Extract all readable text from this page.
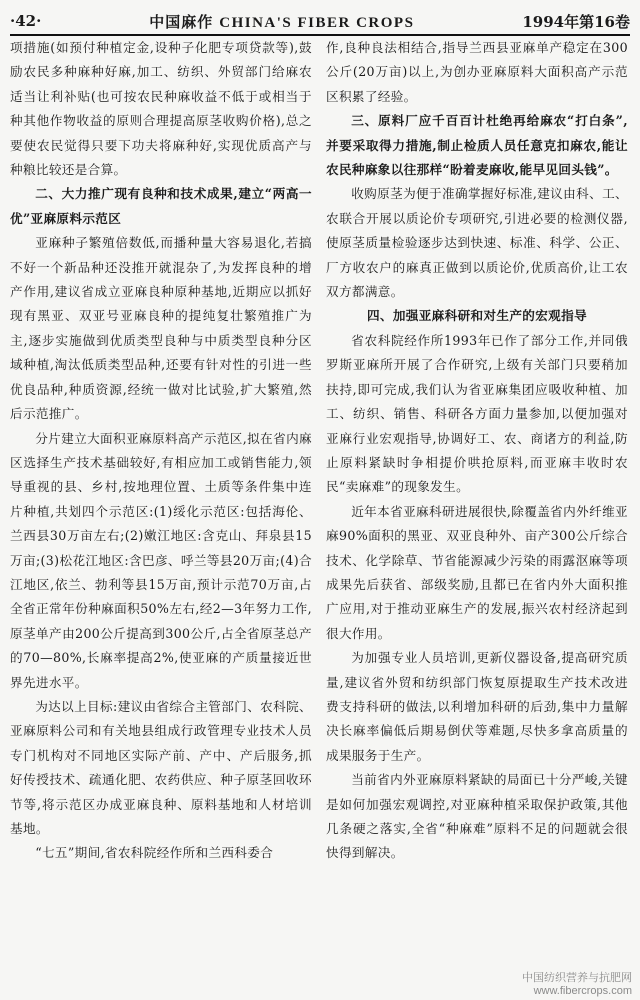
·42·	中国麻作 CHINA'S FIBER CROPS	1994年第16卷

项措施(如预付种植定金,设种子化肥专项贷款等),鼓励农民多种麻种好麻,加工、纺织、外贸部门给麻农适当让利补贴(也可按农民种麻收益不低于或相当于种其他作物收益的原则合理提高原茎收购价格),总之要使农民觉得只要下功夫将麻种好,实现优质高产与种粮比较还是合算。

二、大力推广现有良种和技术成果,建立“两高一优”亚麻原料示范区

亚麻种子繁殖倍数低,而播种量大容易退化,若搞不好一个新品种还没推开就混杂了,为发挥良种的增产作用,建议省成立亚麻良种原种基地,近期应以抓好现有黑亚、双亚号亚麻良种的提纯复壮繁殖推广为主,逐步实施做到优质类型良种与中质类型良种分区域种植,淘汰低质类型品种,还要有针对性的引进一些优良品种,种质资源,经统一做对比试验,扩大繁殖,然后示范推广。

分片建立大面积亚麻原料高产示范区,拟在省内麻区选择生产技术基础较好,有相应加工或销售能力,领导重视的县、乡村,按地理位置、土质等条件集中连片种植,共划四个示范区:(1)绥化示范区:包括海伦、兰西县30万亩左右;(2)嫩江地区:含克山、拜泉县15万亩;(3)松花江地区:含巴彦、呼兰等县20万亩;(4)合江地区,依兰、勃利等县15万亩,预计示范70万亩,占全省正常年份种麻面积50%左右,经2—3年努力工作,原茎单产由200公斤提高到300公斤,占全省原茎总产的70—80%,长麻率提高2%,使亚麻的产质量接近世界先进水平。

为达以上目标:建议由省综合主管部门、农科院、亚麻原料公司和有关地县组成行政管理专业技术人员专门机构对不同地区实际产前、产中、产后服务,抓好传授技术、疏通化肥、农药供应、种子原茎回收环节等,将示范区办成亚麻良种、原料基地和人材培训基地。

“七五”期间,省农科院经作所和兰西科委合

作,良种良法相结合,指导兰西县亚麻单产稳定在300公斤(20万亩)以上,为创办亚麻原料大面积高产示范区积累了经验。

三、原料厂应千百百计杜绝再给麻农“打白条”,并要采取得力措施,制止检质人员任意克扣麻农,能让农民种麻象以往那样“盼着麦麻收,能早见回头钱”。

收购原茎为便于准确掌握好标准,建议由科、工、农联合开展以质论价专项研究,引进必要的检测仪器,使原茎质量检验逐步达到快速、标准、科学、公正、厂方收农户的麻真正做到以质论价,优质高价,让工农双方都满意。

四、加强亚麻科研和对生产的宏观指导

省农科院经作所1993年已作了部分工作,并同俄罗斯亚麻所开展了合作研究,上级有关部门只要稍加扶持,即可完成,我们认为省亚麻集团应吸收种植、加工、纺织、销售、科研各方面力量参加,以便加强对亚麻行业宏观指导,协调好工、农、商诸方的利益,防止原料紧缺时争相提价哄抢原料,而亚麻丰收时农民“卖麻难”的现象发生。

近年本省亚麻科研进展很快,除覆盖省内外纤维亚麻90%面积的黑亚、双亚良种外、亩产300公斤综合技术、化学除草、节省能源减少污染的雨露沤麻等项成果先后获省、部级奖励,且都已在省内外大面积推广应用,对于推动亚麻生产的发展,振兴农村经济起到很大作用。

为加强专业人员培训,更新仪器设备,提高研究质量,建议省外贸和纺织部门恢复原提取生产技术改进费支持科研的做法,以利增加科研的后劲,集中力量解决长麻率偏低后期易倒伏等难题,尽快多拿高质量的成果服务于生产。

当前省内外亚麻原料紧缺的局面已十分严峻,关键是如何加强宏观调控,对亚麻种植采取保护政策,其他几条硬之落实,全省“种麻难”原料不足的问题就会很快得到解决。

中国纺织营养与抗肥网
www.fibercrops.com
